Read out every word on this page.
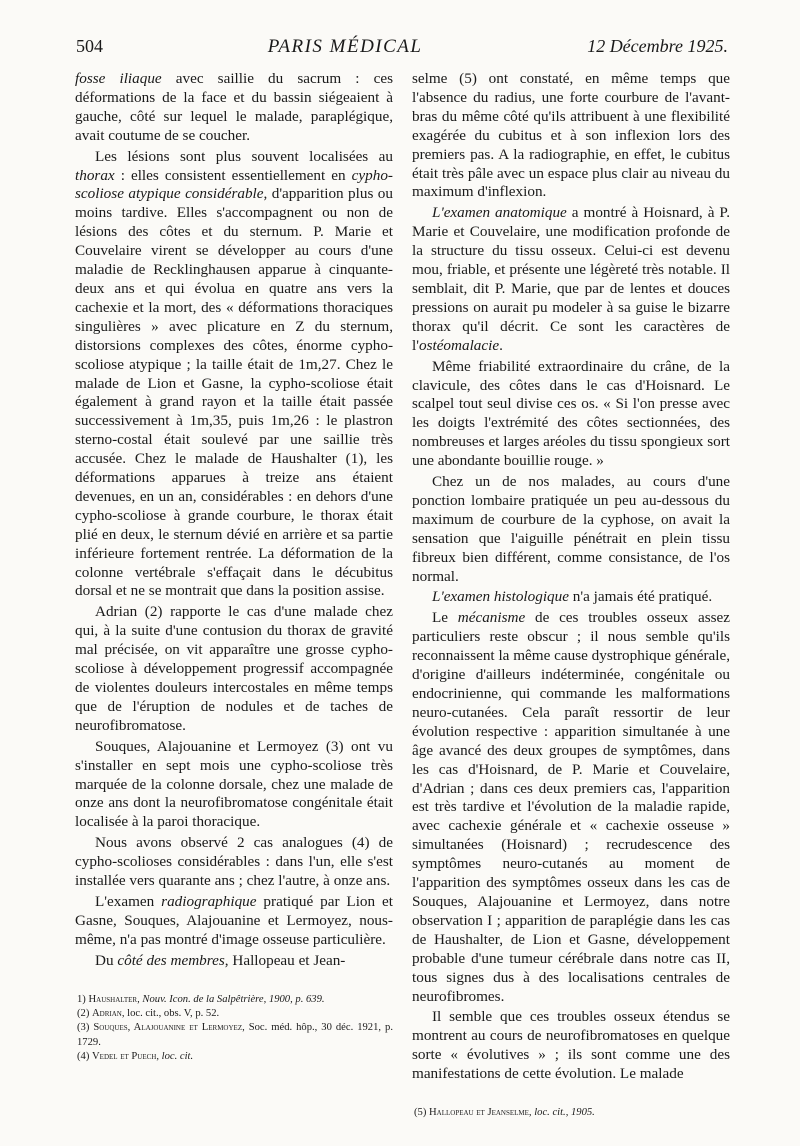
504	PARIS MÉDICAL	12 Décembre 1925.

fosse iliaque avec saillie du sacrum : ces déformations de la face et du bassin siégeaient à gauche, côté sur lequel le malade, paraplégique, avait coutume de se coucher.

Les lésions sont plus souvent localisées au thorax : elles consistent essentiellement en cypho-scoliose atypique considérable, d'apparition plus ou moins tardive. Elles s'accompagnent ou non de lésions des côtes et du sternum. P. Marie et Couvelaire virent se développer au cours d'une maladie de Recklinghausen apparue à cinquante-deux ans et qui évolua en quatre ans vers la cachexie et la mort, des « déformations thoraciques singulières » avec plicature en Z du sternum, distorsions complexes des côtes, énorme cypho-scoliose atypique ; la taille était de 1m,27. Chez le malade de Lion et Gasne, la cypho-scoliose était également à grand rayon et la taille était passée successivement à 1m,35, puis 1m,26 : le plastron sterno-costal était soulevé par une saillie très accusée. Chez le malade de Haushalter (1), les déformations apparues à treize ans étaient devenues, en un an, considérables : en dehors d'une cypho-scoliose à grande courbure, le thorax était plié en deux, le sternum dévié en arrière et sa partie inférieure fortement rentrée. La déformation de la colonne vertébrale s'effaçait dans le décubitus dorsal et ne se montrait que dans la position assise.

Adrian (2) rapporte le cas d'une malade chez qui, à la suite d'une contusion du thorax de gravité mal précisée, on vit apparaître une grosse cypho-scoliose à développement progressif accompagnée de violentes douleurs intercostales en même temps que de l'éruption de nodules et de taches de neurofibromatose.

Souques, Alajouanine et Lermoyez (3) ont vu s'installer en sept mois une cypho-scoliose très marquée de la colonne dorsale, chez une malade de onze ans dont la neurofibromatose congénitale était localisée à la paroi thoracique.

Nous avons observé 2 cas analogues (4) de cypho-scolioses considérables : dans l'un, elle s'est installée vers quarante ans ; chez l'autre, à onze ans.

L'examen radiographique pratiqué par Lion et Gasne, Souques, Alajouanine et Lermoyez, nous-même, n'a pas montré d'image osseuse particulière.

Du côté des membres, Hallopeau et Jean-

1) Haushalter, Nouv. Icon. de la Salpêtrière, 1900, p. 639.
(2) Adrian, loc. cit., obs. V, p. 52.
(3) Souques, Alajouanine et Lermoyez, Soc. méd. hôp., 30 déc. 1921, p. 1729.
(4) Vedel et Puech, loc. cit.

selme (5) ont constaté, en même temps que l'absence du radius, une forte courbure de l'avant-bras du même côté qu'ils attribuent à une flexibilité exagérée du cubitus et à son inflexion lors des premiers pas. A la radiographie, en effet, le cubitus était très pâle avec un espace plus clair au niveau du maximum d'inflexion.

L'examen anatomique a montré à Hoisnard, à P. Marie et Couvelaire, une modification profonde de la structure du tissu osseux. Celui-ci est devenu mou, friable, et présente une légèreté très notable. Il semblait, dit P. Marie, que par de lentes et douces pressions on aurait pu modeler à sa guise le bizarre thorax qu'il décrit. Ce sont les caractères de l'ostéomalacie.

Même friabilité extraordinaire du crâne, de la clavicule, des côtes dans le cas d'Hoisnard. Le scalpel tout seul divise ces os. « Si l'on presse avec les doigts l'extrémité des côtes sectionnées, des nombreuses et larges aréoles du tissu spongieux sort une abondante bouillie rouge. »

Chez un de nos malades, au cours d'une ponction lombaire pratiquée un peu au-dessous du maximum de courbure de la cyphose, on avait la sensation que l'aiguille pénétrait en plein tissu fibreux bien différent, comme consistance, de l'os normal.

L'examen histologique n'a jamais été pratiqué.

Le mécanisme de ces troubles osseux assez particuliers reste obscur ; il nous semble qu'ils reconnaissent la même cause dystrophique générale, d'origine d'ailleurs indéterminée, congénitale ou endocrinienne, qui commande les malformations neuro-cutanées. Cela paraît ressortir de leur évolution respective : apparition simultanée à une âge avancé des deux groupes de symptômes, dans les cas d'Hoisnard, de P. Marie et Couvelaire, d'Adrian ; dans ces deux premiers cas, l'apparition est très tardive et l'évolution de la maladie rapide, avec cachexie générale et « cachexie osseuse » simultanées (Hoisnard) ; recrudescence des symptômes neuro-cutanés au moment de l'apparition des symptômes osseux dans les cas de Souques, Alajouanine et Lermoyez, dans notre observation I ; apparition de paraplégie dans les cas de Haushalter, de Lion et Gasne, développement probable d'une tumeur cérébrale dans notre cas II, tous signes dus à des localisations centrales de neurofibromes.

Il semble que ces troubles osseux étendus se montrent au cours de neurofibromatoses en quelque sorte « évolutives » ; ils sont comme une des manifestations de cette évolution. Le malade

(5) Hallopeau et Jeanselme, loc. cit., 1905.
